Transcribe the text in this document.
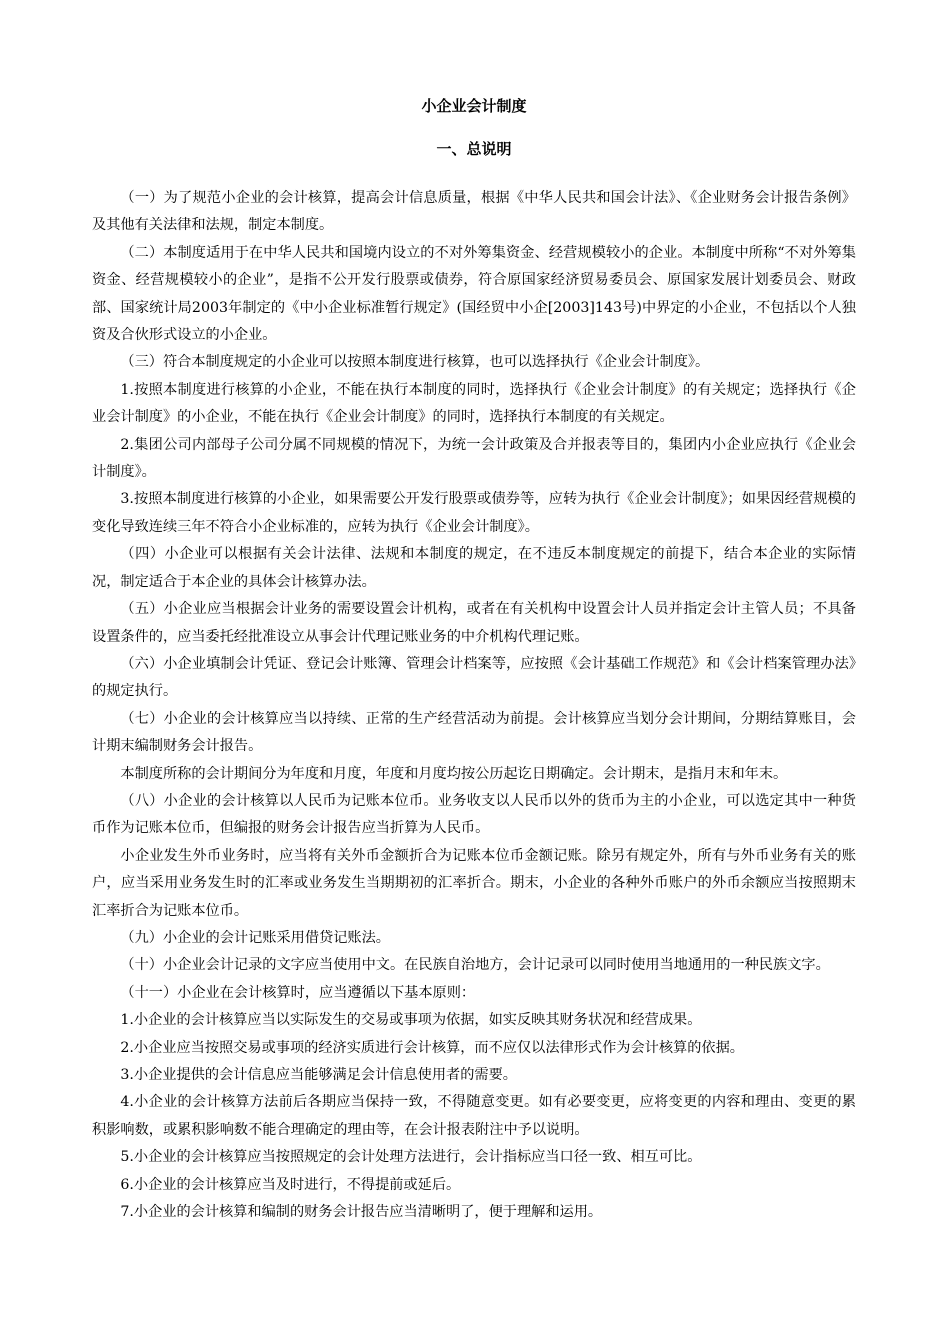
小企业会计制度
一、总说明

（一）为了规范小企业的会计核算，提高会计信息质量，根据《中华人民共和国会计法》、《企业财务会计报告条例》及其他有关法律和法规，制定本制度。

（二）本制度适用于在中华人民共和国境内设立的不对外筹集资金、经营规模较小的企业。本制度中所称“不对外筹集资金、经营规模较小的企业”，是指不公开发行股票或债券，符合原国家经济贸易委员会、原国家发展计划委员会、财政部、国家统计局2003年制定的《中小企业标准暂行规定》(国经贸中小企[2003]143号)中界定的小企业，不包括以个人独资及合伙形式设立的小企业。

（三）符合本制度规定的小企业可以按照本制度进行核算，也可以选择执行《企业会计制度》。

1.按照本制度进行核算的小企业，不能在执行本制度的同时，选择执行《企业会计制度》的有关规定；选择执行《企业会计制度》的小企业，不能在执行《企业会计制度》的同时，选择执行本制度的有关规定。

2.集团公司内部母子公司分属不同规模的情况下，为统一会计政策及合并报表等目的，集团内小企业应执行《企业会计制度》。

3.按照本制度进行核算的小企业，如果需要公开发行股票或债券等，应转为执行《企业会计制度》；如果因经营规模的变化导致连续三年不符合小企业标准的，应转为执行《企业会计制度》。

（四）小企业可以根据有关会计法律、法规和本制度的规定，在不违反本制度规定的前提下，结合本企业的实际情况，制定适合于本企业的具体会计核算办法。

（五）小企业应当根据会计业务的需要设置会计机构，或者在有关机构中设置会计人员并指定会计主管人员；不具备设置条件的，应当委托经批准设立从事会计代理记账业务的中介机构代理记账。

（六）小企业填制会计凭证、登记会计账簿、管理会计档案等，应按照《会计基础工作规范》和《会计档案管理办法》的规定执行。

（七）小企业的会计核算应当以持续、正常的生产经营活动为前提。会计核算应当划分会计期间，分期结算账目，会计期末编制财务会计报告。

本制度所称的会计期间分为年度和月度，年度和月度均按公历起讫日期确定。会计期末，是指月末和年末。

（八）小企业的会计核算以人民币为记账本位币。业务收支以人民币以外的货币为主的小企业，可以选定其中一种货币作为记账本位币，但编报的财务会计报告应当折算为人民币。

小企业发生外币业务时，应当将有关外币金额折合为记账本位币金额记账。除另有规定外，所有与外币业务有关的账户，应当采用业务发生时的汇率或业务发生当期期初的汇率折合。期末，小企业的各种外币账户的外币余额应当按照期末汇率折合为记账本位币。

（九）小企业的会计记账采用借贷记账法。

（十）小企业会计记录的文字应当使用中文。在民族自治地方，会计记录可以同时使用当地通用的一种民族文字。

（十一）小企业在会计核算时，应当遵循以下基本原则：

1.小企业的会计核算应当以实际发生的交易或事项为依据，如实反映其财务状况和经营成果。

2.小企业应当按照交易或事项的经济实质进行会计核算，而不应仅以法律形式作为会计核算的依据。

3.小企业提供的会计信息应当能够满足会计信息使用者的需要。

4.小企业的会计核算方法前后各期应当保持一致，不得随意变更。如有必要变更，应将变更的内容和理由、变更的累积影响数，或累积影响数不能合理确定的理由等，在会计报表附注中予以说明。

5.小企业的会计核算应当按照规定的会计处理方法进行，会计指标应当口径一致、相互可比。

6.小企业的会计核算应当及时进行，不得提前或延后。

7.小企业的会计核算和编制的财务会计报告应当清晰明了，便于理解和运用。
